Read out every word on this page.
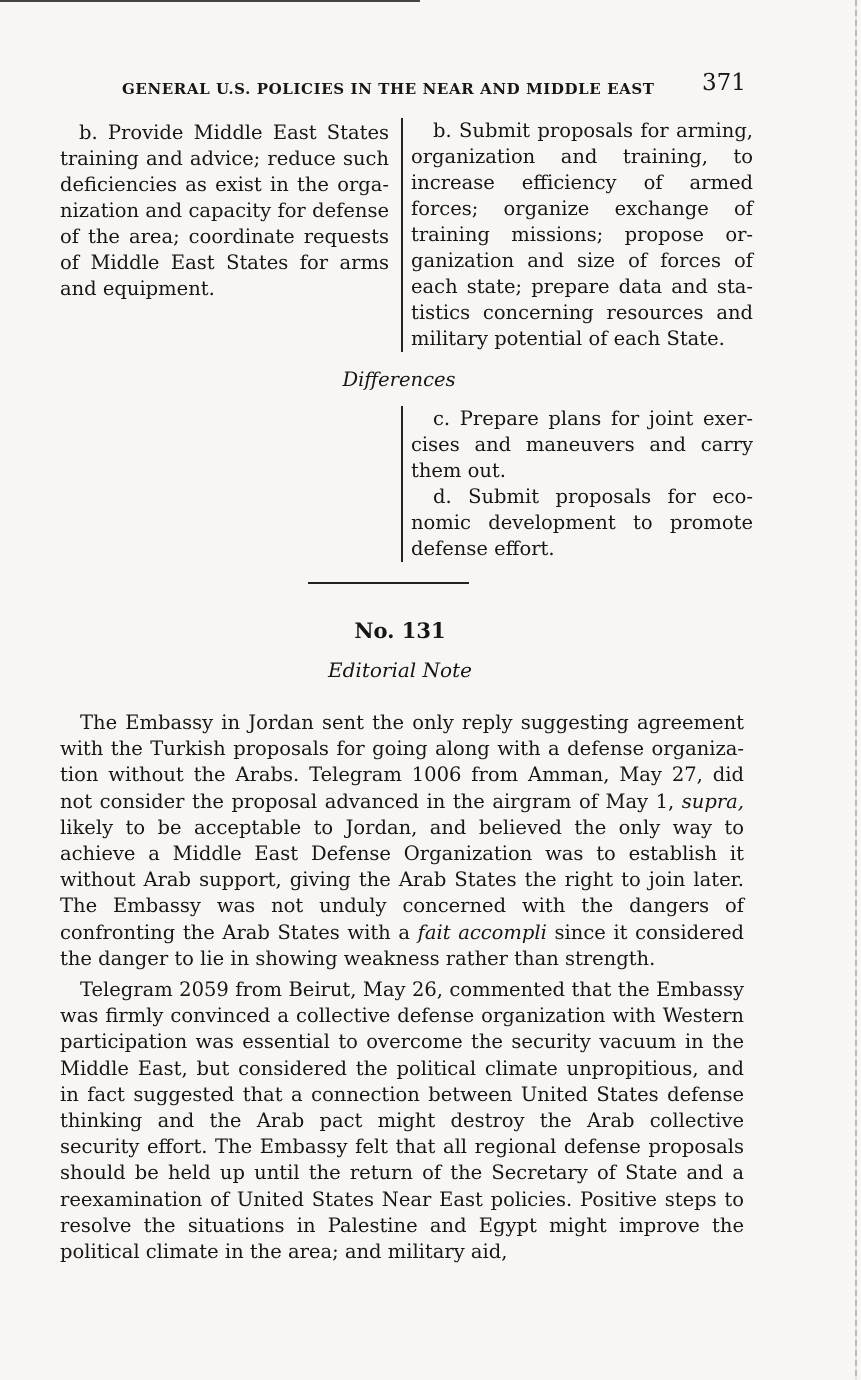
GENERAL U.S. POLICIES IN THE NEAR AND MIDDLE EAST	371

b. Provide Middle East States training and advice; reduce such deficiencies as exist in the organization and capacity for defense of the area; coordinate requests of Middle East States for arms and equipment.

b. Submit proposals for arming, organization and training, to increase efficiency of armed forces; organize exchange of training missions; propose organization and size of forces of each state; prepare data and statistics concerning resources and military potential of each State.

Differences

c. Prepare plans for joint exercises and maneuvers and carry them out.

d. Submit proposals for economic development to promote defense effort.

No. 131
Editorial Note

The Embassy in Jordan sent the only reply suggesting agreement with the Turkish proposals for going along with a defense organization without the Arabs. Telegram 1006 from Amman, May 27, did not consider the proposal advanced in the airgram of May 1, supra, likely to be acceptable to Jordan, and believed the only way to achieve a Middle East Defense Organization was to establish it without Arab support, giving the Arab States the right to join later. The Embassy was not unduly concerned with the dangers of confronting the Arab States with a fait accompli since it considered the danger to lie in showing weakness rather than strength.

Telegram 2059 from Beirut, May 26, commented that the Embassy was firmly convinced a collective defense organization with Western participation was essential to overcome the security vacuum in the Middle East, but considered the political climate unpropitious, and in fact suggested that a connection between United States defense thinking and the Arab pact might destroy the Arab collective security effort. The Embassy felt that all regional defense proposals should be held up until the return of the Secretary of State and a reexamination of United States Near East policies. Positive steps to resolve the situations in Palestine and Egypt might improve the political climate in the area; and military aid,
